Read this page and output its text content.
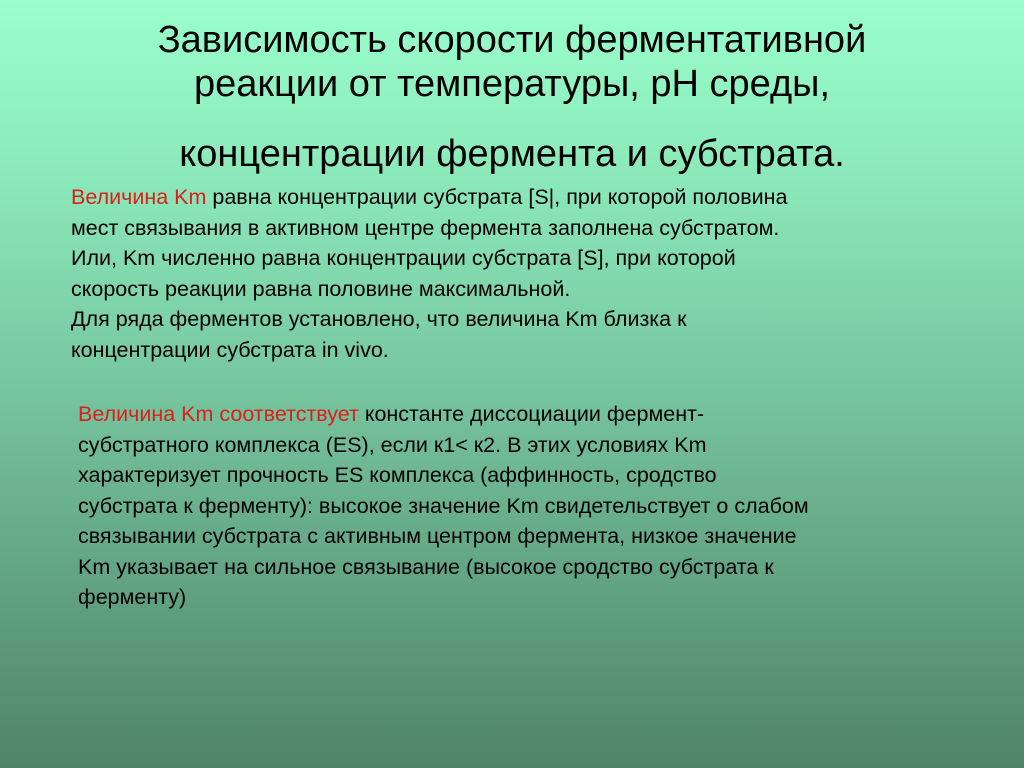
Зависимость скорости ферментативной
реакции от температуры, pH среды,
концентрации фермента и субстрата.
Величина Km равна концентрации субстрата [S|, при которой половина
мест связывания в активном центре фермента заполнена субстратом.
Или, Km численно равна концентрации субстрата [S], при которой
скорость реакции равна половине максимальной.
Для ряда ферментов установлено, что величина Km близка к
концентрации субстрата in vivo.
Величина Km соответствует константе диссоциации фермент-
субстратного комплекса (ES), если к1< к2. В этих условиях Km
характеризует прочность ES комплекса (аффинность, сродство
субстрата к ферменту): высокое значение Km свидетельствует о слабом
связывании субстрата с активным центром фермента, низкое значение
Km указывает на сильное связывание (высокое сродство субстрата к
ферменту)
